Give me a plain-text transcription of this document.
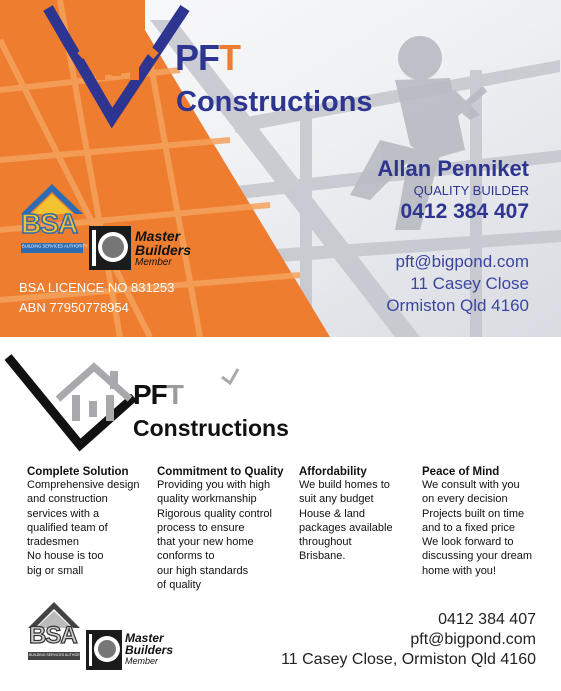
PFT
Constructions
Allan Penniket
QUALITY BUILDER
0412 384 407
pft@bigpond.com
11 Casey Close
Ormiston Qld 4160
BSA
BUILDING SERVICES AUTHORITY
Master
Builders
Member
BSA LICENCE NO 831253
ABN 77950778954
PFT
Constructions
Complete Solution
Comprehensive design
and construction
services with a
qualified team of
tradesmen
No house is too
big or small
Commitment to Quality
Providing you with high
quality workmanship
Rigorous quality control
process to ensure
that your new home
conforms to
our high standards
of quality
Affordability
We build homes to
suit any budget
House & land
packages available
throughout
Brisbane.
Peace of Mind
We consult with you
on every decision
Projects built on time
and to a fixed price
We look forward to
discussing your dream
home with you!
BSA
BUILDING SERVICES AUTHORITY
Master
Builders
Member
0412 384 407
pft@bigpond.com
11 Casey Close, Ormiston Qld 4160
